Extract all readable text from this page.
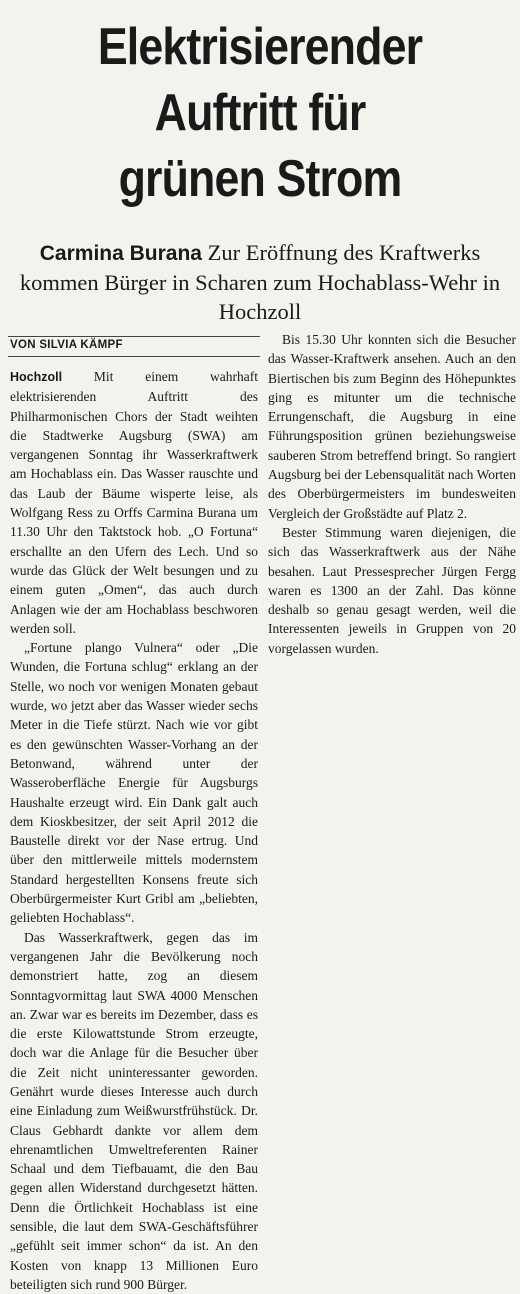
Elektrisierender
Auftritt für
grünen Strom
Carmina Burana Zur Eröffnung des Kraftwerks kommen Bürger in Scharen zum Hochablass-Wehr in Hochzoll
VON SILVIA KÄMPF

Hochzoll Mit einem wahrhaft elektrisierenden Auftritt des Philharmonischen Chors der Stadt weihten die Stadtwerke Augsburg (SWA) am vergangenen Sonntag ihr Wasserkraftwerk am Hochablass ein. Das Wasser rauschte und das Laub der Bäume wisperte leise, als Wolfgang Ress zu Orffs Carmina Burana um 11.30 Uhr den Taktstock hob. „O Fortuna“ erschallte an den Ufern des Lech. Und so wurde das Glück der Welt besungen und zu einem guten „Omen“, das auch durch Anlagen wie der am Hochablass beschworen werden soll.

„Fortune plango Vulnera“ oder „Die Wunden, die Fortuna schlug“ erklang an der Stelle, wo noch vor wenigen Monaten gebaut wurde, wo jetzt aber das Wasser wieder sechs Meter in die Tiefe stürzt. Nach wie vor gibt es den gewünschten Wasser-Vorhang an der Betonwand, während unter der Wasseroberfläche Energie für Augsburgs Haushalte erzeugt wird. Ein Dank galt auch dem Kioskbesitzer, der seit April 2012 die Baustelle direkt vor der Nase ertrug. Und über den mittlerweile mittels modernstem Standard hergestellten Konsens freute sich Oberbürgermeister Kurt Gribl am „beliebten, geliebten Hochablass“.

Das Wasserkraftwerk, gegen das im vergangenen Jahr die Bevölkerung noch demonstriert hatte, zog an diesem Sonntagvormittag laut SWA 4000 Menschen an. Zwar war es bereits im Dezember, dass es die erste Kilowattstunde Strom erzeugte, doch war die Anlage für die Besucher über die Zeit nicht uninteressanter geworden. Genährt wurde dieses Interesse auch durch eine Einladung zum Weißwurstfrühstück. Dr. Claus Gebhardt dankte vor allem dem ehrenamtlichen Umweltreferenten Rainer Schaal und dem Tiefbauamt, die den Bau gegen allen Widerstand durchgesetzt hätten. Denn die Örtlichkeit Hochablass ist eine sensible, die laut dem SWA-Geschäftsführer „gefühlt seit immer schon“ da ist. An den Kosten von knapp 13 Millionen Euro beteiligten sich rund 900 Bürger.

Bis 15.30 Uhr konnten sich die Besucher das Wasser-Kraftwerk ansehen. Auch an den Biertischen bis zum Beginn des Höhepunktes ging es mitunter um die technische Errungenschaft, die Augsburg in eine Führungsposition grünen beziehungsweise sauberen Strom betreffend bringt. So rangiert Augsburg bei der Lebensqualität nach Worten des Oberbürgermeisters im bundesweiten Vergleich der Großstädte auf Platz 2.

Bester Stimmung waren diejenigen, die sich das Wasserkraftwerk aus der Nähe besahen. Laut Pressesprecher Jürgen Fergg waren es 1300 an der Zahl. Das könne deshalb so genau gesagt werden, weil die Interessenten jeweils in Gruppen von 20 vorgelassen wurden.
